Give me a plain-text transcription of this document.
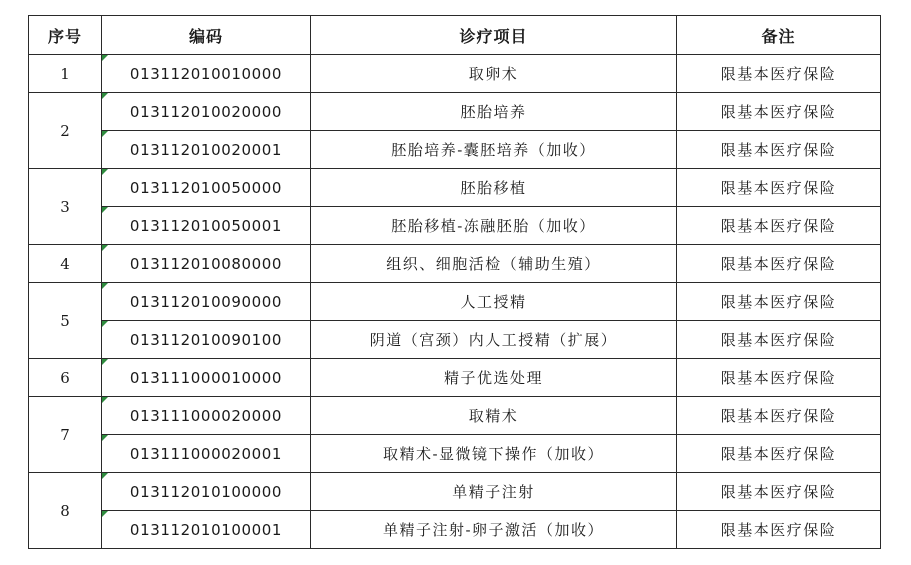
序号	编码	诊疗项目	备注
1	013112010010000	取卵术	限基本医疗保险
2	013112010020000	胚胎培养	限基本医疗保险

013112010020001	胚胎培养-囊胚培养（加收）	限基本医疗保险
3	013112010050000	胚胎移植	限基本医疗保险

013112010050001	胚胎移植-冻融胚胎（加收）	限基本医疗保险
4	013112010080000	组织、细胞活检（辅助生殖）	限基本医疗保险
5	013112010090000	人工授精	限基本医疗保险

013112010090100	阴道（宫颈）内人工授精（扩展）	限基本医疗保险
6	013111000010000	精子优选处理	限基本医疗保险
7	013111000020000	取精术	限基本医疗保险

013111000020001	取精术-显微镜下操作（加收）	限基本医疗保险
8	013112010100000	单精子注射	限基本医疗保险

013112010100001	单精子注射-卵子激活（加收）	限基本医疗保险
